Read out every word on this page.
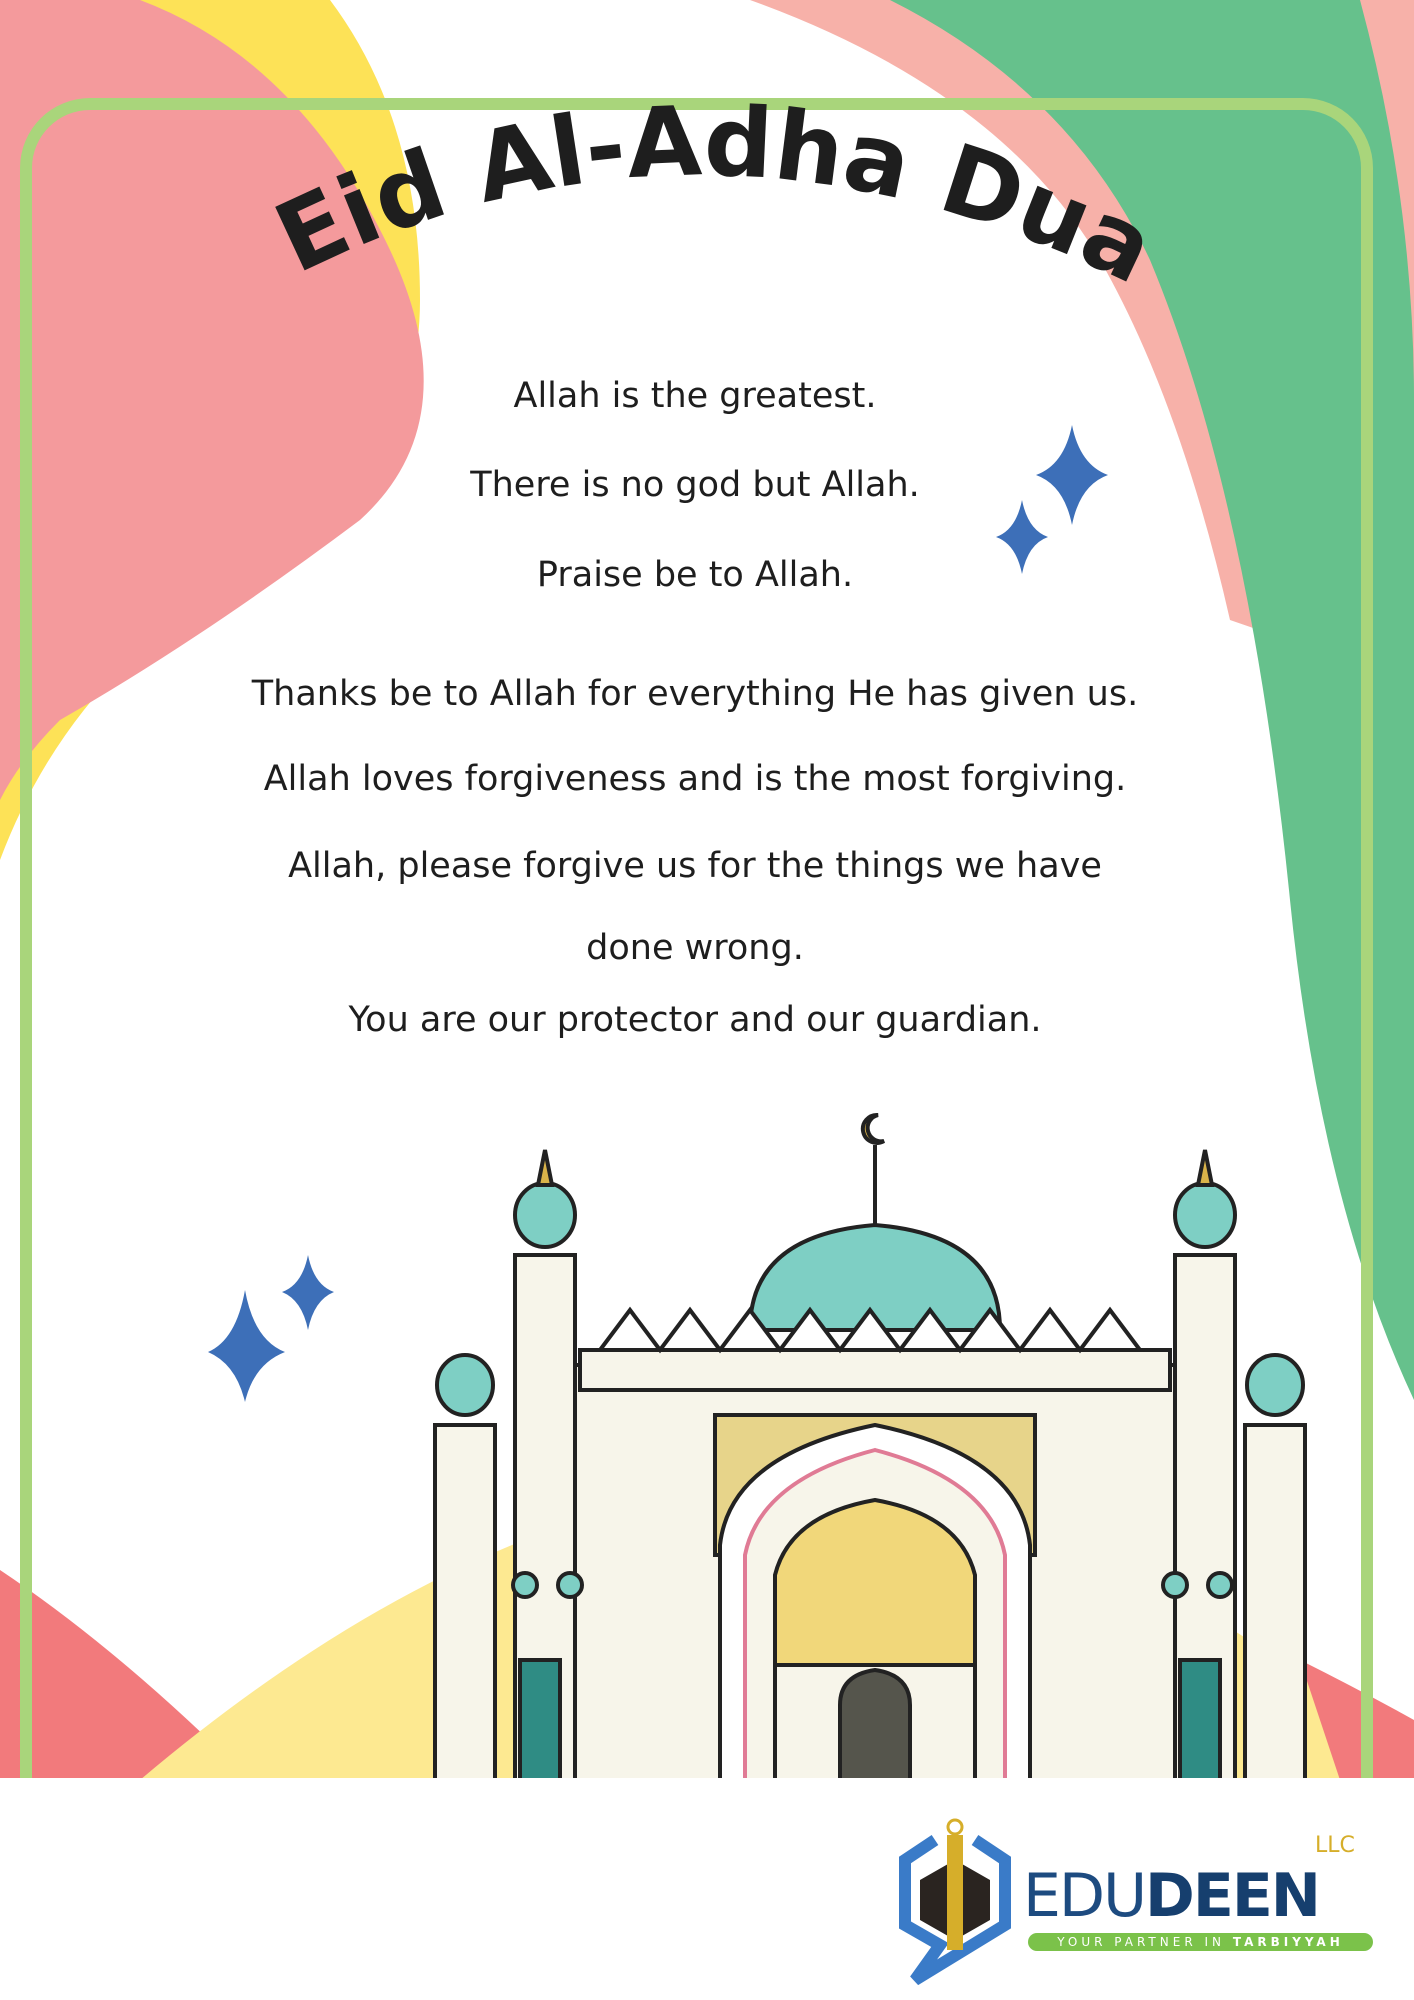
Eid Al-Adha Dua
Allah is the greatest.
There is no god but Allah.
Praise be to Allah.
Thanks be to Allah for everything He has given us.
Allah loves forgiveness and is the most forgiving.
Allah, please forgive us for the things we have
done wrong.
You are our protector and our guardian.
LLC
EDUDEEN
YOUR PARTNER IN TARBIYYAH
